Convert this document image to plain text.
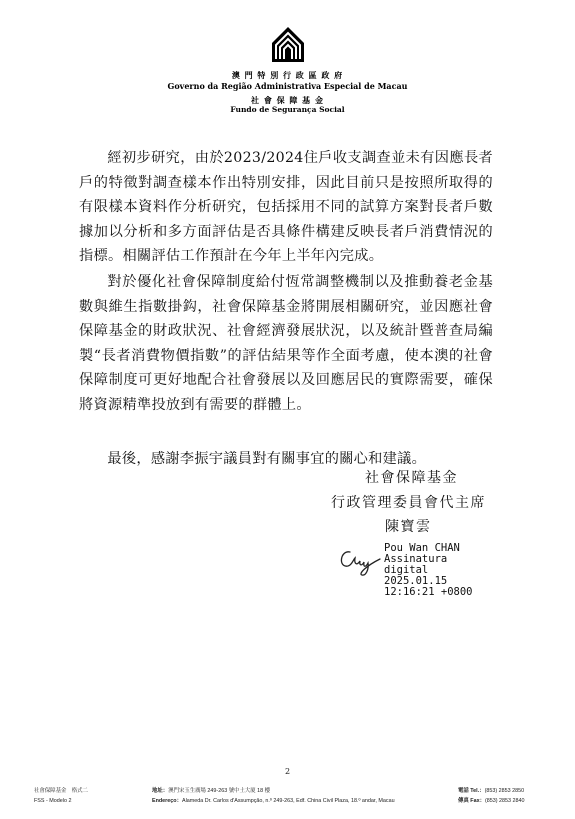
澳 門 特 別 行 政 區 政 府
Governo da Região Administrativa Especial de Macau
社 會 保 障 基 金
Fundo de Segurança Social

經初步研究，由於2023/2024住戶收支調查並未有因應長者戶的特徵對調查樣本作出特別安排，因此目前只是按照所取得的有限樣本資料作分析研究，包括採用不同的試算方案對長者戶數據加以分析和多方面評估是否具條件構建反映長者戶消費情況的指標。相關評估工作預計在今年上半年內完成。

對於優化社會保障制度給付恆常調整機制以及推動養老金基數與維生指數掛鈎，社會保障基金將開展相關研究，並因應社會保障基金的財政狀況、社會經濟發展狀況，以及統計暨普查局編製“長者消費物價指數”的評估結果等作全面考慮，使本澳的社會保障制度可更好地配合社會發展以及回應居民的實際需要，確保將資源精準投放到有需要的群體上。

最後，感謝李振宇議員對有關事宜的關心和建議。

社會保障基金
行政管理委員會代主席
陳寶雲
Pou Wan CHAN
Assinatura
digital
2025.01.15
12:16:21 +0800
2
社會保障基金　格式二
FSS - Modelo 2
地址：澳門宋玉生廣場 249-263 號中土大廈 18 樓
Endereço：Alameda Dr. Carlos d'Assumpção, n.º 249-263, Edf. China Civil Plaza, 18.º andar, Macau
電話 Tel.：(853) 2853 2850
傳真 Fax：(853) 2853 2840
